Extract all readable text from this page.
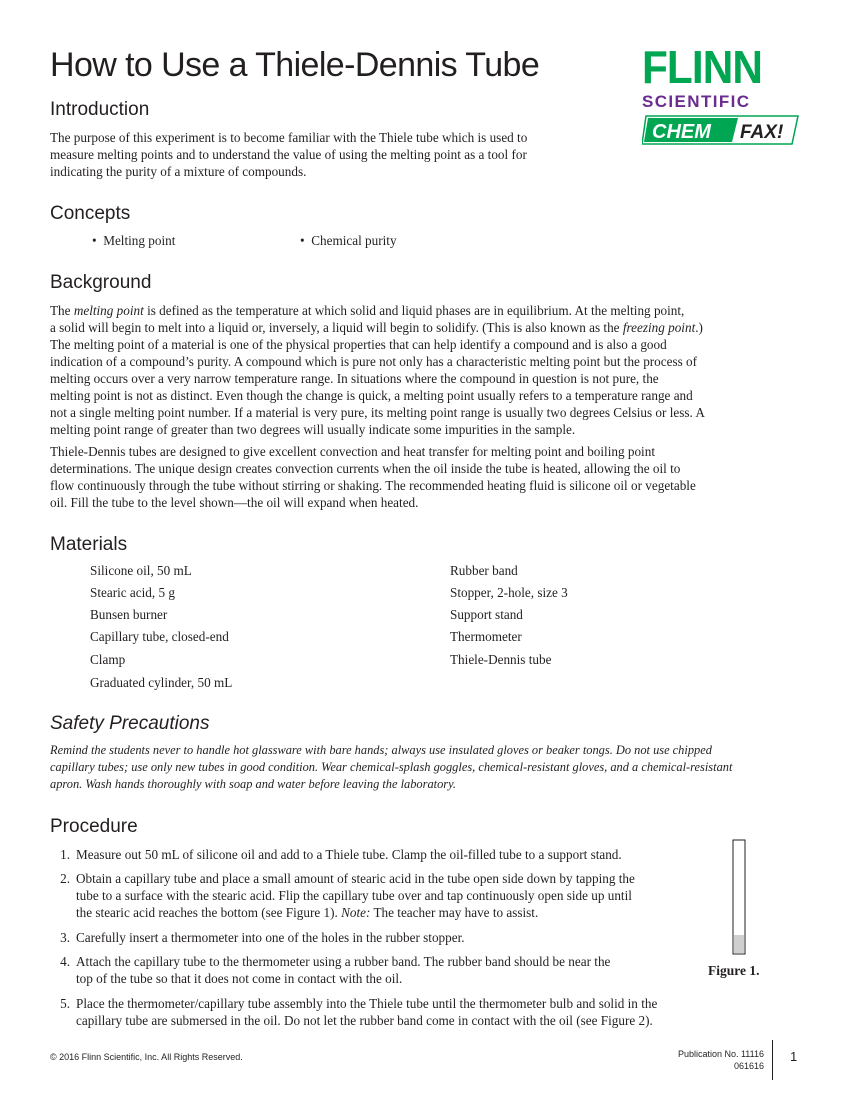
How to Use a Thiele-Dennis Tube FLINN
SCIENTIFIC
CHEM FAX!
Introduction
The purpose of this experiment is to become familiar with the Thiele tube which is used to
measure melting points and to understand the value of using the melting point as a tool for
indicating the purity of a mixture of compounds.
Concepts
•  Melting point	•  Chemical purity
Background
The melting point is defined as the temperature at which solid and liquid phases are in equilibrium. At the melting point,
a solid will begin to melt into a liquid or, inversely, a liquid will begin to solidify. (This is also known as the freezing point.)
The melting point of a material is one of the physical properties that can help identify a compound and is also a good
indication of a compound’s purity. A compound which is pure not only has a characteristic melting point but the process of
melting occurs over a very narrow temperature range. In situations where the compound in question is not pure, the
melting point is not as distinct. Even though the change is quick, a melting point usually refers to a temperature range and
not a single melting point number. If a material is very pure, its melting point range is usually two degrees Celsius or less. A
melting point range of greater than two degrees will usually indicate some impurities in the sample.
Thiele-Dennis tubes are designed to give excellent convection and heat transfer for melting point and boiling point
determinations. The unique design creates convection currents when the oil inside the tube is heated, allowing the oil to
flow continuously through the tube without stirring or shaking. The recommended heating fluid is silicone oil or vegetable
oil. Fill the tube to the level shown—the oil will expand when heated.
Materials
Silicone oil, 50 mL
Stearic acid, 5 g
Bunsen burner
Capillary tube, closed-end
Clamp
Graduated cylinder, 50 mL
Rubber band
Stopper, 2-hole, size 3
Support stand
Thermometer
Thiele-Dennis tube
Safety Precautions
Remind the students never to handle hot glassware with bare hands; always use insulated gloves or beaker tongs. Do not use chipped
capillary tubes; use only new tubes in good condition. Wear chemical-splash goggles, chemical-resistant gloves, and a chemical-resistant
apron. Wash hands thoroughly with soap and water before leaving the laboratory.
Procedure
1. Measure out 50 mL of silicone oil and add to a Thiele tube. Clamp the oil-filled tube to a support stand.
2. Obtain a capillary tube and place a small amount of stearic acid in the tube open side down by tapping the
tube to a surface with the stearic acid. Flip the capillary tube over and tap continuously open side up until
the stearic acid reaches the bottom (see Figure 1). Note: The teacher may have to assist.
3. Carefully insert a thermometer into one of the holes in the rubber stopper.
4. Attach the capillary tube to the thermometer using a rubber band. The rubber band should be near the
top of the tube so that it does not come in contact with the oil.
5. Place the thermometer/capillary tube assembly into the Thiele tube until the thermometer bulb and solid in the
capillary tube are submersed in the oil. Do not let the rubber band come in contact with the oil (see Figure 2).
Figure 1.
© 2016 Flinn Scientific, Inc. All Rights Reserved.	Publication No. 11116
061616
1
